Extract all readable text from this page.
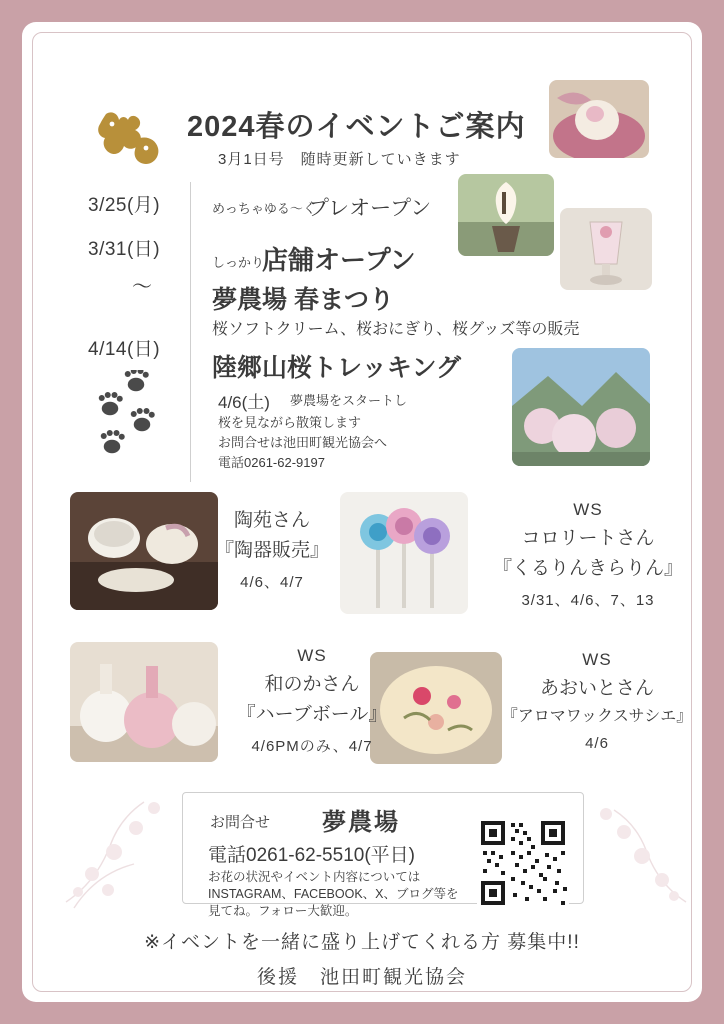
2024春のイベントご案内
3月1日号　随時更新していきます
3/25(月)
3/31(日)
〜
4/14(日)
めっちゃゆる〜く
プレオープン
しっかり
店舗オープン
夢農場 春まつり
桜ソフトクリーム、桜おにぎり、桜グッズ等の販売
陸郷山桜トレッキング
4/6(土) 夢農場をスタートし
桜を見ながら散策します
お問合せは池田町観光協会へ
電話0261-62-9197
陶苑さん
『陶器販売』
4/6、4/7
WS
コロリートさん
『くるりんきらりん』
3/31、4/6、7、13
WS
和のかさん
『ハーブボール』
4/6PMのみ、4/7
WS
あおいとさん
『アロマワックスサシエ』
4/6
お問合せ 夢農場
電話0261-62-5510(平日)
お花の状況やイベント内容については
INSTAGRAM、FACEBOOK、X、ブログ等を
見てね。フォロー大歓迎。
※イベントを一緒に盛り上げてくれる方 募集中!!
後援　池田町観光協会
